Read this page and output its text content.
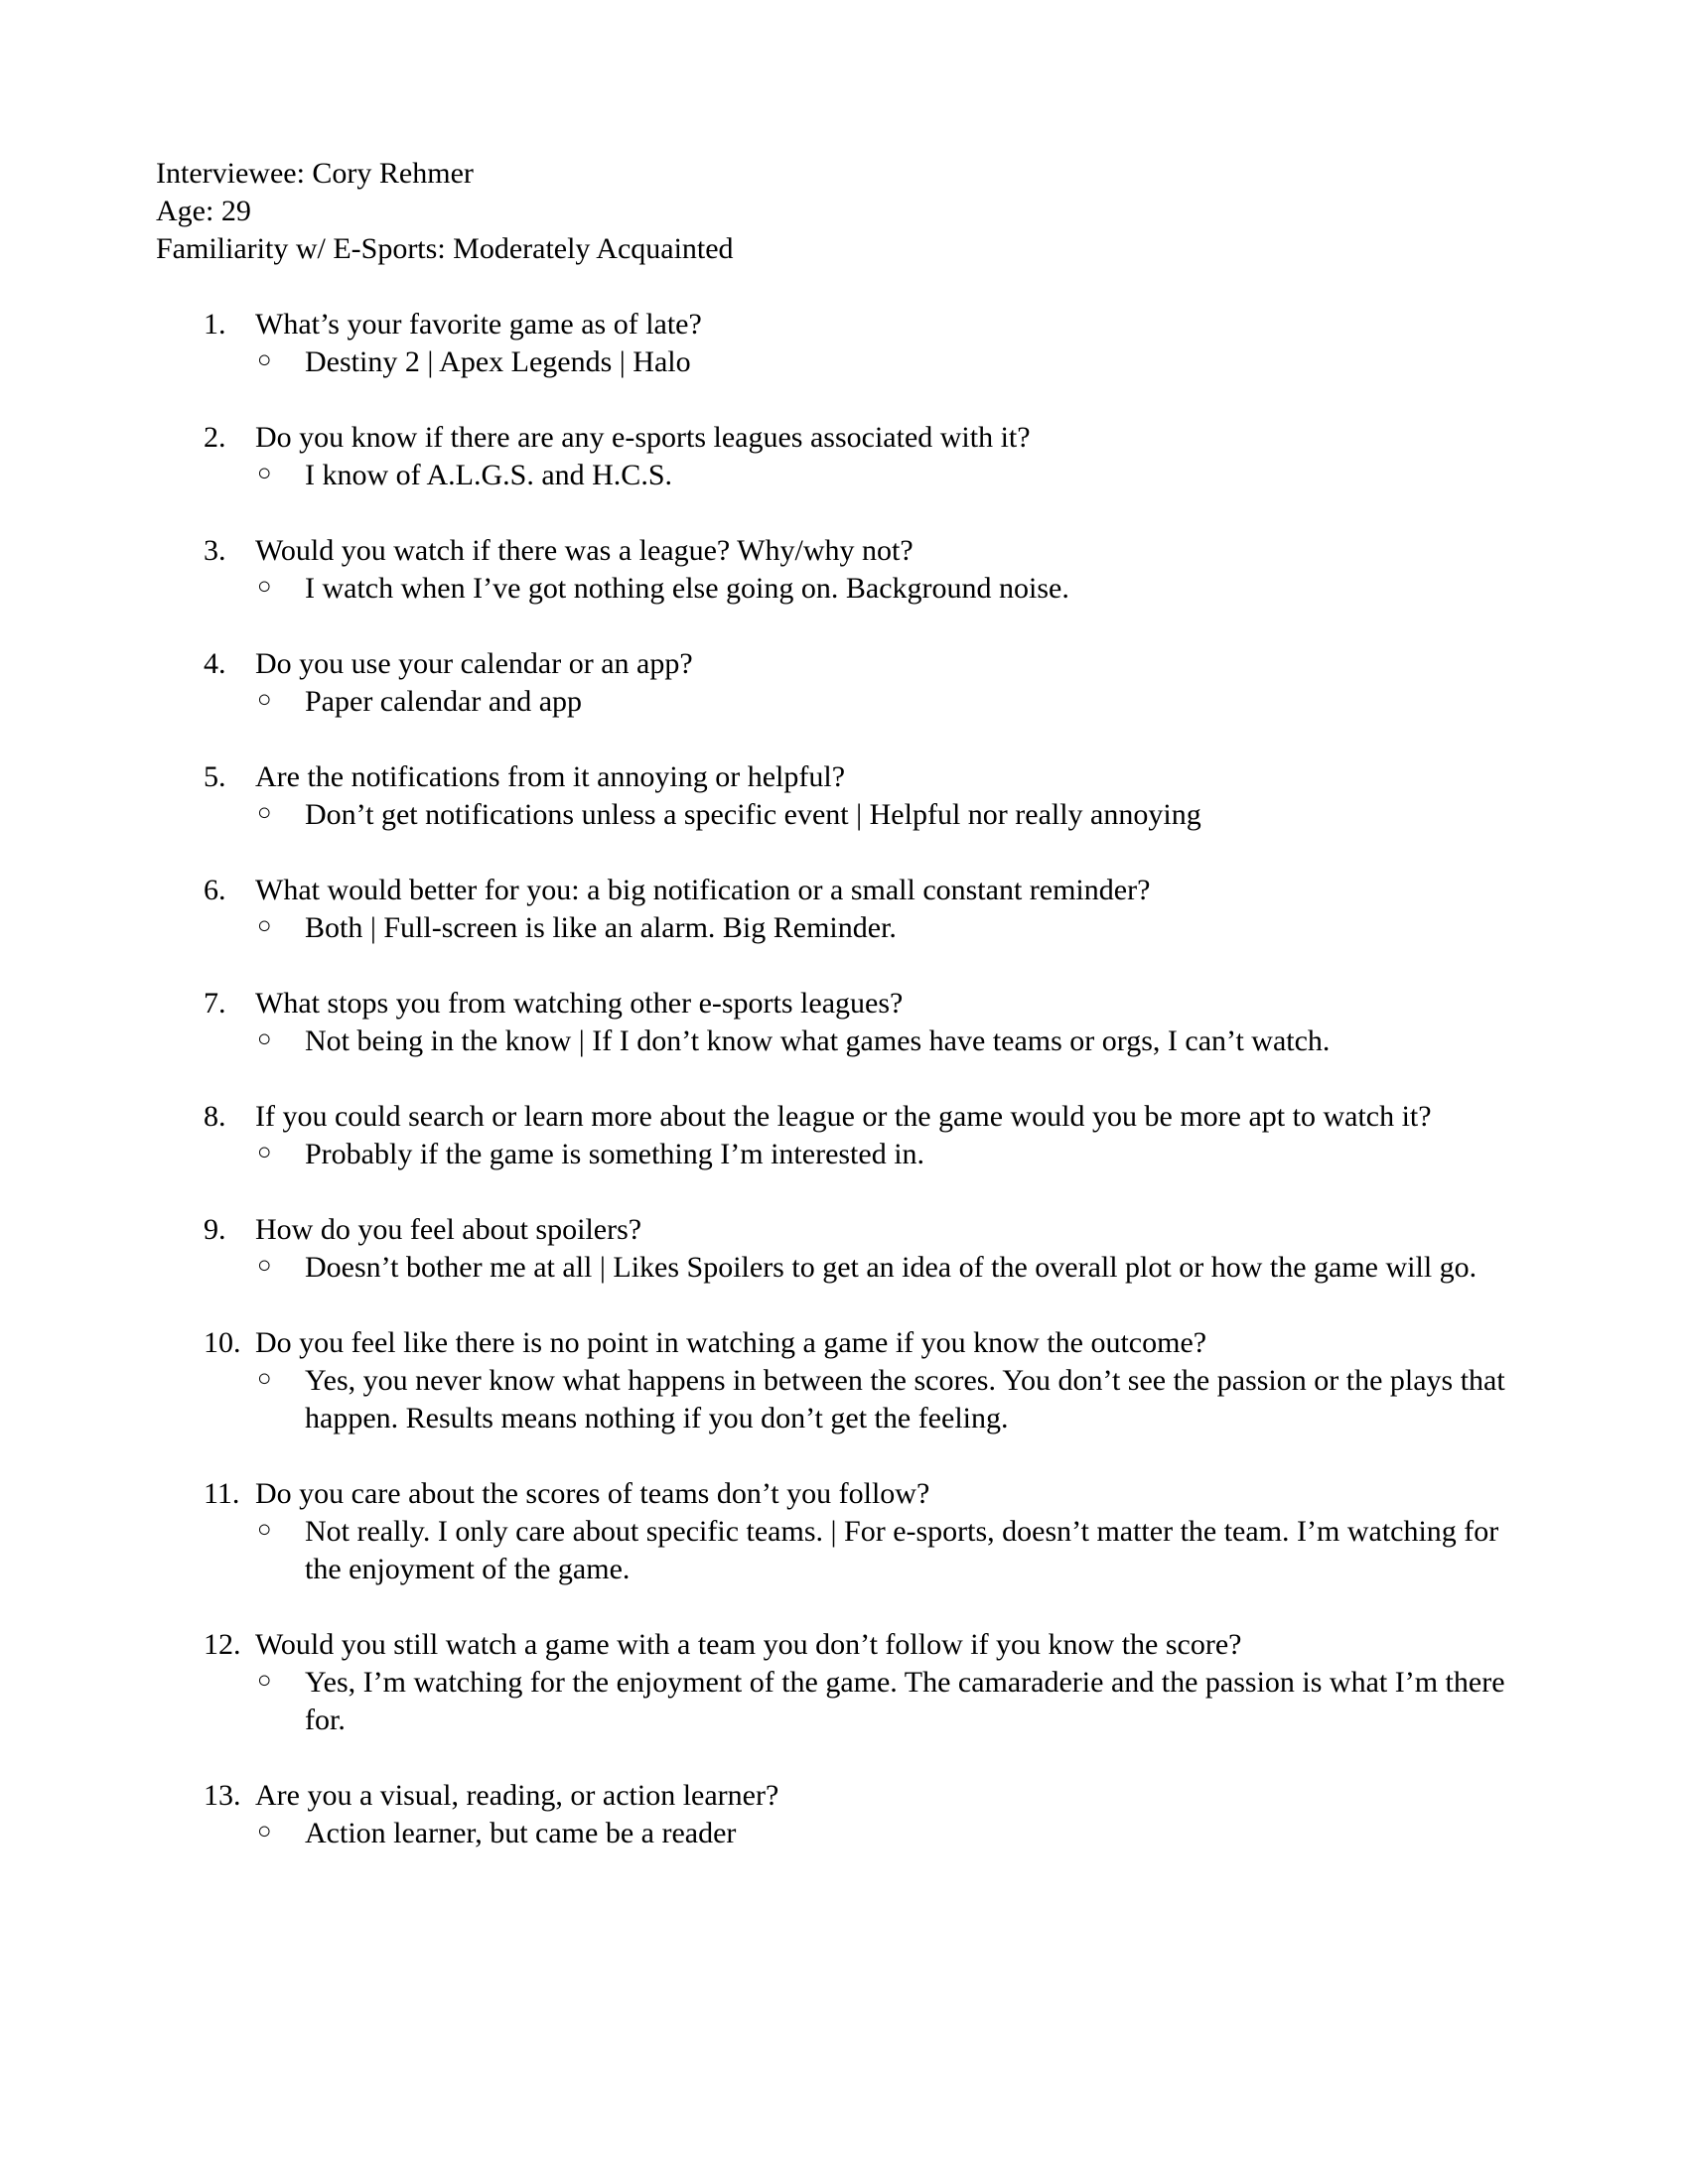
Interviewee: Cory Rehmer

Age: 29

Familiarity w/ E-Sports: Moderately Acquainted

1. What’s your favorite game as of late?

○ Destiny 2 | Apex Legends | Halo

2. Do you know if there are any e-sports leagues associated with it?

○ I know of A.L.G.S. and H.C.S.

3. Would you watch if there was a league? Why/why not?

○ I watch when I’ve got nothing else going on. Background noise.

4. Do you use your calendar or an app?

○ Paper calendar and app

5. Are the notifications from it annoying or helpful?

○ Don’t get notifications unless a specific event | Helpful nor really annoying

6. What would better for you: a big notification or a small constant reminder?

○ Both | Full-screen is like an alarm. Big Reminder.

7. What stops you from watching other e-sports leagues?

○ Not being in the know | If I don’t know what games have teams or orgs, I can’t watch.

8. If you could search or learn more about the league or the game would you be more apt to watch it?

○ Probably if the game is something I’m interested in.

9. How do you feel about spoilers?

○ Doesn’t bother me at all | Likes Spoilers to get an idea of the overall plot or how the game will go.

10. Do you feel like there is no point in watching a game if you know the outcome?

○ Yes, you never know what happens in between the scores. You don’t see the passion or the plays that happen. Results means nothing if you don’t get the feeling.

11. Do you care about the scores of teams don’t you follow?

○ Not really. I only care about specific teams. | For e-sports, doesn’t matter the team. I’m watching for the enjoyment of the game.

12. Would you still watch a game with a team you don’t follow if you know the score?

○ Yes, I’m watching for the enjoyment of the game. The camaraderie and the passion is what I’m there for.

13. Are you a visual, reading, or action learner?

○ Action learner, but came be a reader
